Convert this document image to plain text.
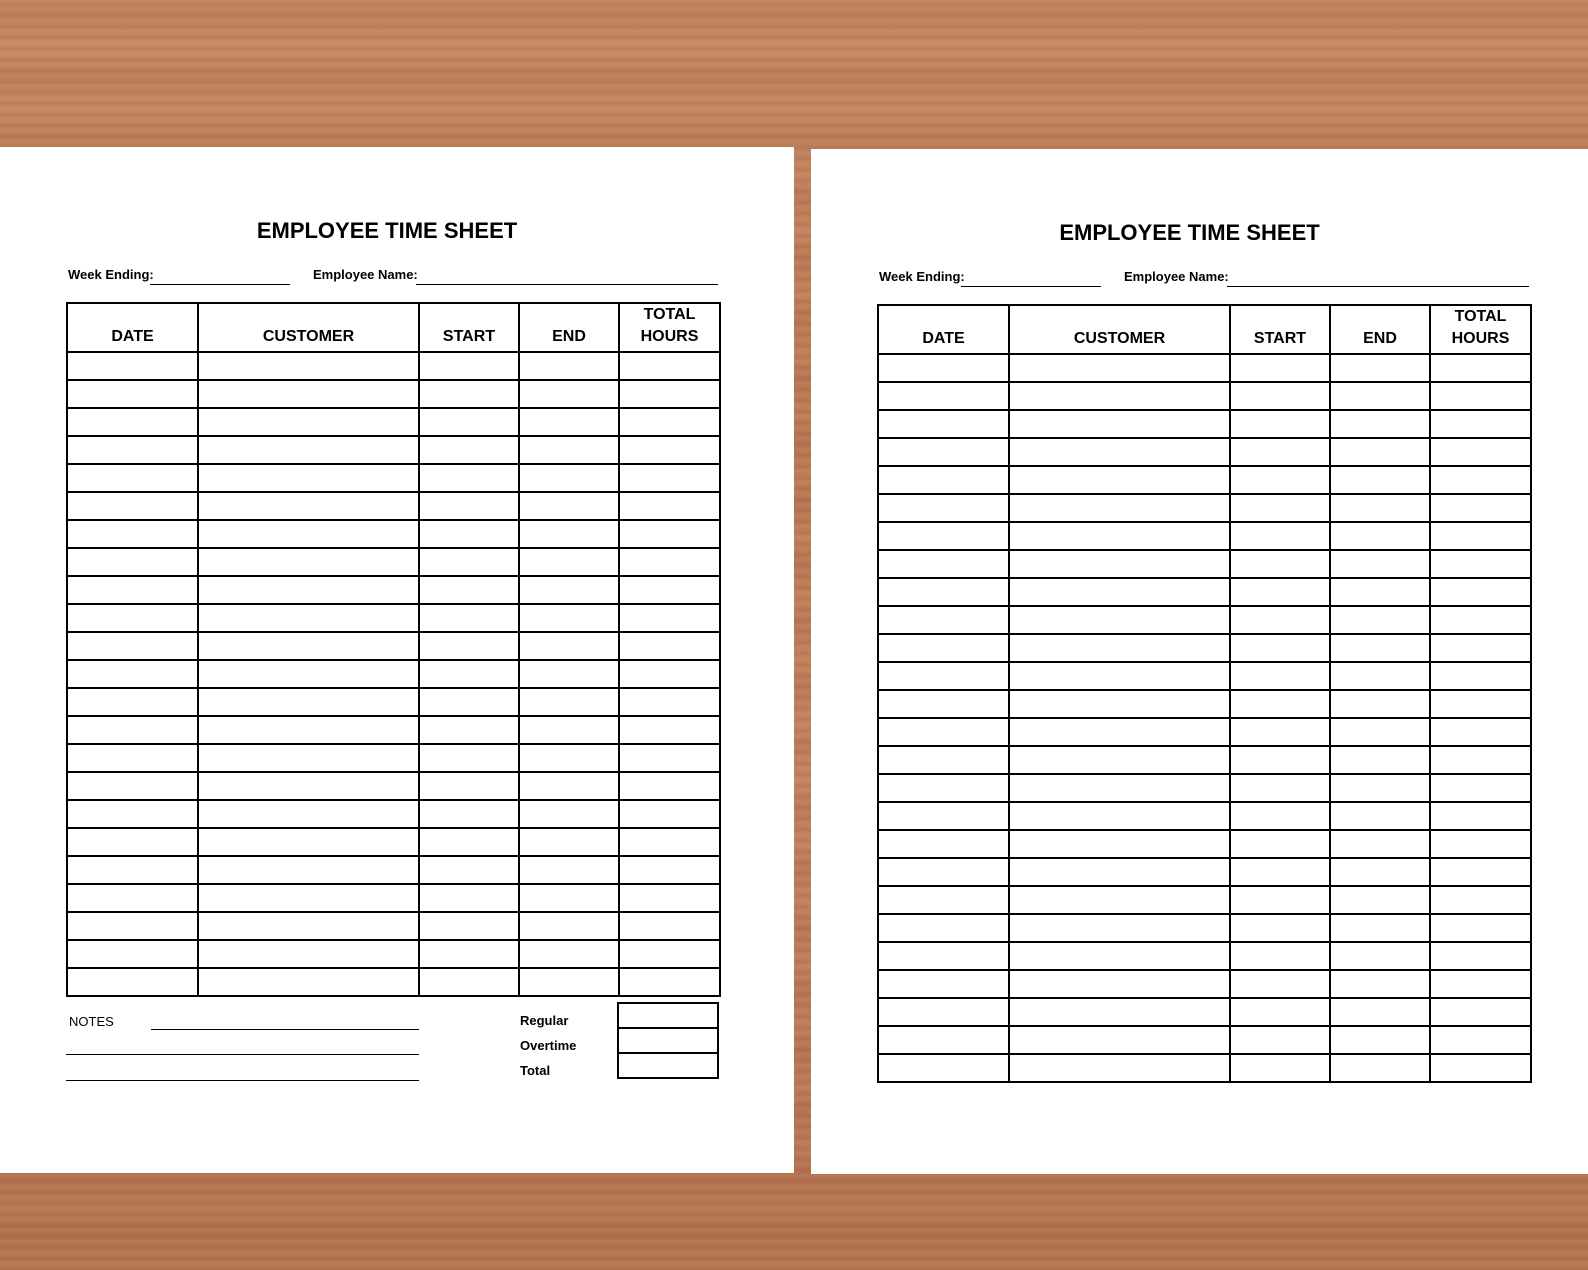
EMPLOYEE TIME SHEET
Week Ending:	Employee Name:
DATE	CUSTOMER	START	END	TOTAL
HOURS

NOTES	Regular
Overtime
Total

EMPLOYEE TIME SHEET
Week Ending:	Employee Name:
DATE	CUSTOMER	START	END	TOTAL
HOURS
